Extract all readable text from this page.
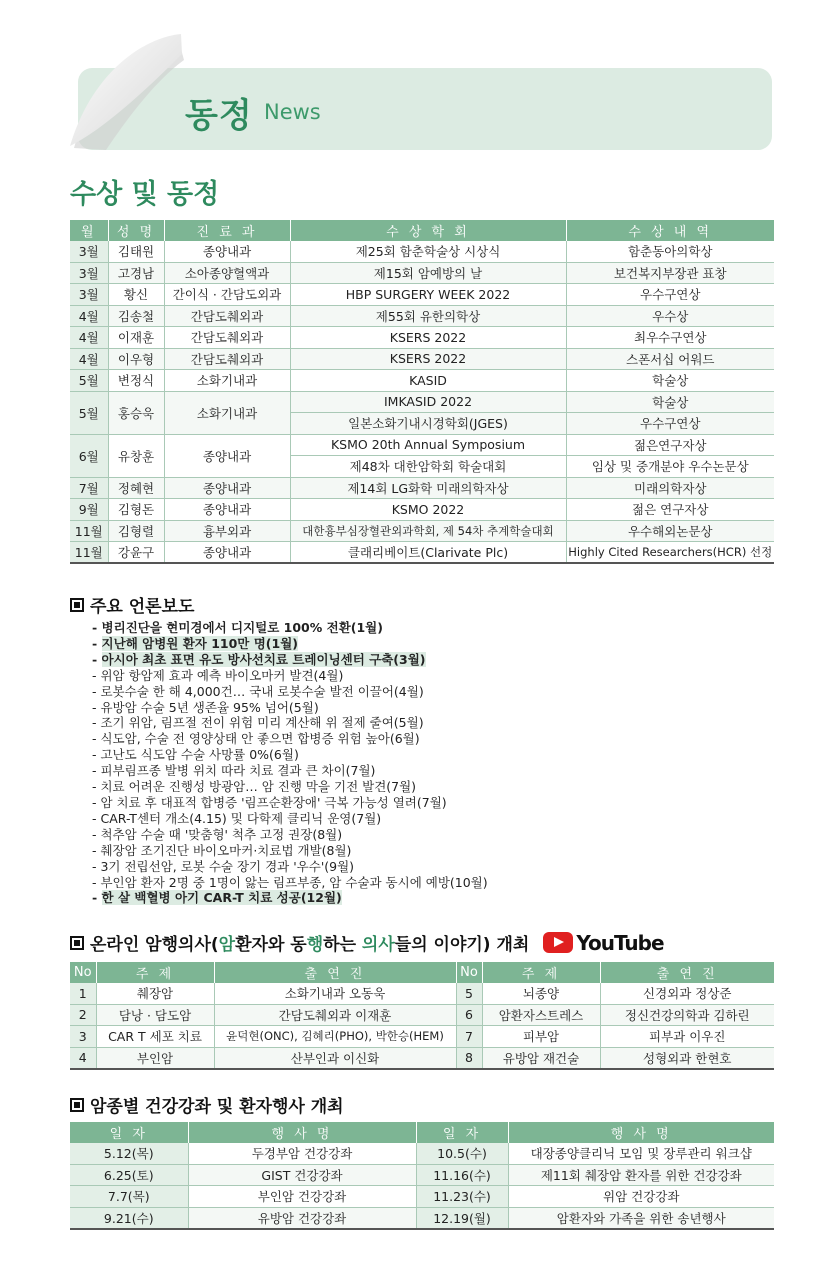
동정 News
수상 및 동정
월	성 명	진 료 과	수 상 학 회	수 상 내 역
3월	김태원	종양내과	제25회 함춘학술상 시상식	함춘동아의학상
3월	고경남	소아종양혈액과	제15회 암예방의 날	보건복지부장관 표창
3월	황신	간이식 · 간담도외과	HBP SURGERY WEEK 2022	우수구연상
4월	김송철	간담도췌외과	제55회 유한의학상	우수상
4월	이재훈	간담도췌외과	KSERS 2022	최우수구연상
4월	이우형	간담도췌외과	KSERS 2022	스폰서십 어워드
5월	변정식	소화기내과	KASID	학술상
5월	홍승욱	소화기내과	IMKASID 2022	학술상
			일본소화기내시경학회(JGES)	우수구연상
6월	유창훈	종양내과	KSMO 20th Annual Symposium	젊은연구자상
			제48차 대한암학회 학술대회	임상 및 중개분야 우수논문상
7월	정혜현	종양내과	제14회 LG화학 미래의학자상	미래의학자상
9월	김형돈	종양내과	KSMO 2022	젊은 연구자상
11월	김형렬	흉부외과	대한흉부심장혈관외과학회, 제 54차 추계학술대회	우수해외논문상
11월	강윤구	종양내과	클래리베이트(Clarivate Plc)	Highly Cited Researchers(HCR) 선정
주요 언론보도
- 병리진단을 현미경에서 디지털로 100% 전환(1월)
- 지난해 암병원 환자 110만 명(1월)
- 아시아 최초 표면 유도 방사선치료 트레이닝센터 구축(3월)
- 위암 항암제 효과 예측 바이오마커 발견(4월)
- 로봇수술 한 해 4,000건… 국내 로봇수술 발전 이끌어(4월)
- 유방암 수술 5년 생존율 95% 넘어(5월)
- 조기 위암, 림프절 전이 위험 미리 계산해 위 절제 줄여(5월)
- 식도암, 수술 전 영양상태 안 좋으면 합병증 위험 높아(6월)
- 고난도 식도암 수술 사망률 0%(6월)
- 피부림프종 발병 위치 따라 치료 결과 큰 차이(7월)
- 치료 어려운 진행성 방광암… 암 진행 막을 기전 발견(7월)
- 암 치료 후 대표적 합병증 '림프순환장애' 극복 가능성 열려(7월)
- CAR-T센터 개소(4.15) 및 다학제 클리닉 운영(7월)
- 척추암 수술 때 '맞춤형' 척추 고정 권장(8월)
- 췌장암 조기진단 바이오마커·치료법 개발(8월)
- 3기 전립선암, 로봇 수술 장기 경과 '우수'(9월)
- 부인암 환자 2명 중 1명이 앓는 림프부종, 암 수술과 동시에 예방(10월)
- 한 살 백혈병 아기 CAR-T 치료 성공(12월)
온라인 암행의사(암환자와 동행하는 의사들의 이야기) 개최 YouTube
No	주 제	출 연 진	No	주 제	출 연 진
1	췌장암	소화기내과 오동욱	5	뇌종양	신경외과 정상준
2	담낭 · 담도암	간담도췌외과 이재훈	6	암환자스트레스	정신건강의학과 김하린
3	CAR T 세포 치료	윤덕현(ONC), 김혜리(PHO), 박한승(HEM)	7	피부암	피부과 이우진
4	부인암	산부인과 이신화	8	유방암 재건술	성형외과 한현호
암종별 건강강좌 및 환자행사 개최
일 자	행 사 명	일 자	행 사 명
5.12(목)	두경부암 건강강좌	10.5(수)	대장종양클리닉 모임 및 장루관리 워크샵
6.25(토)	GIST 건강강좌	11.16(수)	제11회 췌장암 환자를 위한 건강강좌
7.7(목)	부인암 건강강좌	11.23(수)	위암 건강강좌
9.21(수)	유방암 건강강좌	12.19(월)	암환자와 가족을 위한 송년행사
